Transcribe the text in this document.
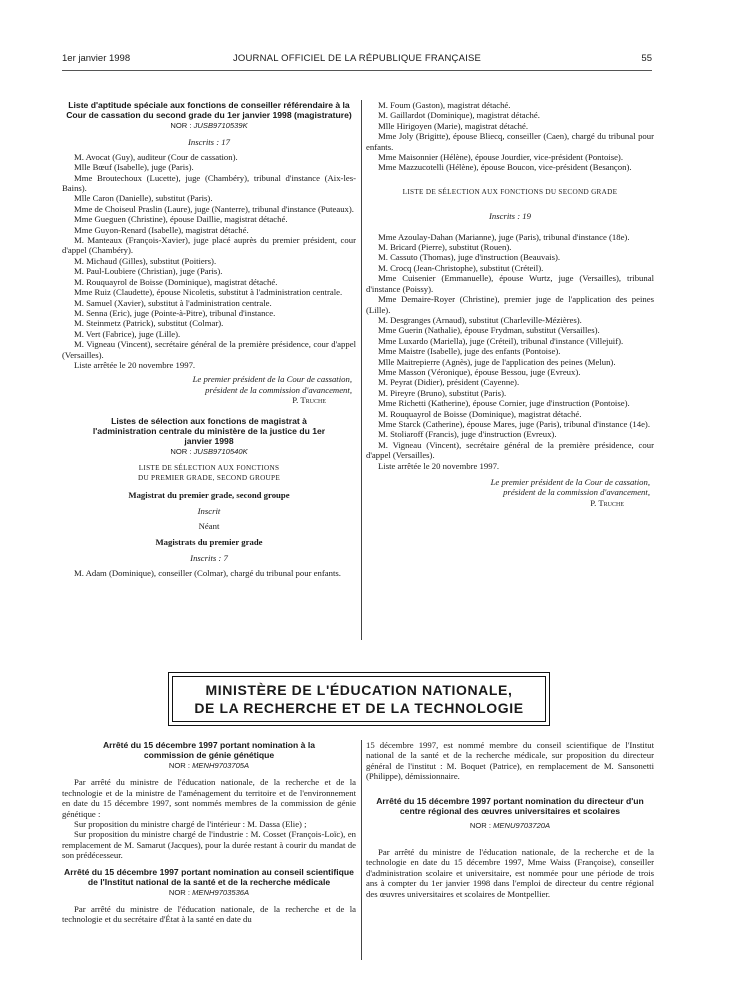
1er janvier 1998	JOURNAL OFFICIEL DE LA RÉPUBLIQUE FRANÇAISE	55

Liste d'aptitude spéciale aux fonctions de conseiller référendaire à la Cour de cassation du second grade du 1er janvier 1998 (magistrature)

NOR : JUSB9710539K

Inscrits : 17

M. Avocat (Guy), auditeur (Cour de cassation).

Mlle Bœuf (Isabelle), juge (Paris).

Mme Broutechoux (Lucette), juge (Chambéry), tribunal d'instance (Aix-les-Bains).

Mlle Caron (Danielle), substitut (Paris).

Mme de Choiseul Praslin (Laure), juge (Nanterre), tribunal d'instance (Puteaux).

Mme Gueguen (Christine), épouse Daillie, magistrat détaché.

Mme Guyon-Renard (Isabelle), magistrat détaché.

M. Manteaux (François-Xavier), juge placé auprès du premier président, cour d'appel (Chambéry).

M. Michaud (Gilles), substitut (Poitiers).

M. Paul-Loubiere (Christian), juge (Paris).

M. Rouquayrol de Boisse (Dominique), magistrat détaché.

Mme Ruiz (Claudette), épouse Nicoletis, substitut à l'administration centrale.

M. Samuel (Xavier), substitut à l'administration centrale.

M. Senna (Eric), juge (Pointe-à-Pitre), tribunal d'instance.

M. Steinmetz (Patrick), substitut (Colmar).

M. Vert (Fabrice), juge (Lille).

M. Vigneau (Vincent), secrétaire général de la première présidence, cour d'appel (Versailles).

Liste arrêtée le 20 novembre 1997.

Le premier président de la Cour de cassation,

président de la commission d'avancement,

P. Truche

Listes de sélection aux fonctions de magistrat à l'administration centrale du ministère de la justice du 1er janvier 1998

NOR : JUSB9710540K

LISTE DE SÉLECTION AUX FONCTIONS

DU PREMIER GRADE, SECOND GROUPE

Magistrat du premier grade, second groupe

Inscrit

Néant

Magistrats du premier grade

Inscrits : 7

M. Adam (Dominique), conseiller (Colmar), chargé du tribunal pour enfants.

M. Foum (Gaston), magistrat détaché.

M. Gaillardot (Dominique), magistrat détaché.

Mlle Hirigoyen (Marie), magistrat détaché.

Mme Joly (Brigitte), épouse Bliecq, conseiller (Caen), chargé du tribunal pour enfants.

Mme Maisonnier (Hélène), épouse Jourdier, vice-président (Pontoise).

Mme Mazzucotelli (Hélène), épouse Boucon, vice-président (Besançon).

LISTE DE SÉLECTION AUX FONCTIONS DU SECOND GRADE

Inscrits : 19

Mme Azoulay-Dahan (Marianne), juge (Paris), tribunal d'instance (18e).

M. Bricard (Pierre), substitut (Rouen).

M. Cassuto (Thomas), juge d'instruction (Beauvais).

M. Crocq (Jean-Christophe), substitut (Créteil).

Mme Cuisenier (Emmanuelle), épouse Wurtz, juge (Versailles), tribunal d'instance (Poissy).

Mme Demaire-Royer (Christine), premier juge de l'application des peines (Lille).

M. Desgranges (Arnaud), substitut (Charleville-Mézières).

Mme Guerin (Nathalie), épouse Frydman, substitut (Versailles).

Mme Luxardo (Mariella), juge (Créteil), tribunal d'instance (Villejuif).

Mme Maistre (Isabelle), juge des enfants (Pontoise).

Mlle Maitrepierre (Agnès), juge de l'application des peines (Melun).

Mme Masson (Véronique), épouse Bessou, juge (Evreux).

M. Peyrat (Didier), président (Cayenne).

M. Pireyre (Bruno), substitut (Paris).

Mme Richetti (Katherine), épouse Cornier, juge d'instruction (Pontoise).

M. Rouquayrol de Boisse (Dominique), magistrat détaché.

Mme Starck (Catherine), épouse Mares, juge (Paris), tribunal d'instance (14e).

M. Stoliaroff (Francis), juge d'instruction (Evreux).

M. Vigneau (Vincent), secrétaire général de la première présidence, cour d'appel (Versailles).

Liste arrêtée le 20 novembre 1997.

Le premier président de la Cour de cassation,

président de la commission d'avancement,

P. Truche

MINISTÈRE DE L'ÉDUCATION NATIONALE,

DE LA RECHERCHE ET DE LA TECHNOLOGIE

Arrêté du 15 décembre 1997 portant nomination à la commission de génie génétique

NOR : MENH9703705A

Par arrêté du ministre de l'éducation nationale, de la recherche et de la technologie et de la ministre de l'aménagement du territoire et de l'environnement en date du 15 décembre 1997, sont nommés membres de la commission de génie génétique :

Sur proposition du ministre chargé de l'intérieur : M. Dassa (Elie) ;

Sur proposition du ministre chargé de l'industrie : M. Cosset (François-Loïc), en remplacement de M. Samarut (Jacques), pour la durée restant à courir du mandat de son prédécesseur.

Arrêté du 15 décembre 1997 portant nomination au conseil scientifique de l'Institut national de la santé et de la recherche médicale

NOR : MENH9703536A

Par arrêté du ministre de l'éducation nationale, de la recherche et de la technologie et du secrétaire d'État à la santé en date du

15 décembre 1997, est nommé membre du conseil scientifique de l'Institut national de la santé et de la recherche médicale, sur proposition du directeur général de l'institut : M. Boquet (Patrice), en remplacement de M. Sansonetti (Philippe), démissionnaire.

Arrêté du 15 décembre 1997 portant nomination du directeur d'un centre régional des œuvres universitaires et scolaires

NOR : MENU9703720A

Par arrêté du ministre de l'éducation nationale, de la recherche et de la technologie en date du 15 décembre 1997, Mme Waiss (Françoise), conseiller d'administration scolaire et universitaire, est nommée pour une période de trois ans à compter du 1er janvier 1998 dans l'emploi de directeur du centre régional des œuvres universitaires et scolaires de Montpellier.
